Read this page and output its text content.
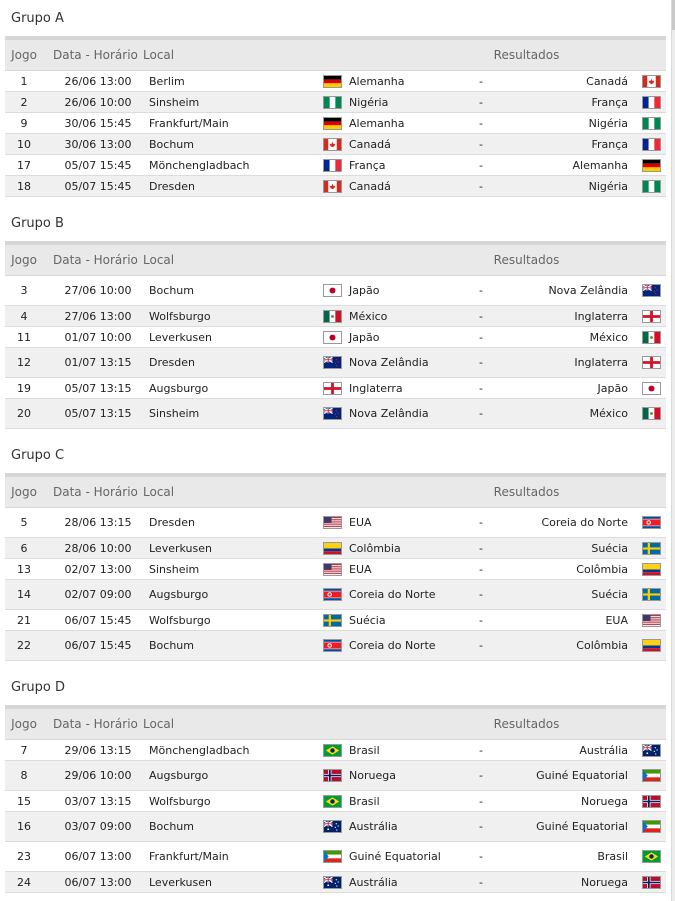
Grupo A
Jogo	Data - Horário Local	Resultados
1	26/06 13:00	Berlim	Alemanha	-	Canadá
2	26/06 10:00	Sinsheim	Nigéria	-	França
9	30/06 15:45	Frankfurt/Main	Alemanha	-	Nigéria
10	30/06 13:00	Bochum	Canadá	-	França
17	05/07 15:45	Mönchengladbach	França	-	Alemanha
18	05/07 15:45	Dresden	Canadá	-	Nigéria
Grupo B
Jogo	Data - Horário Local	Resultados
3	27/06 10:00	Bochum	Japão	-	Nova Zelândia
4	27/06 13:00	Wolfsburgo	México	-	Inglaterra
11	01/07 10:00	Leverkusen	Japão	-	México
12	01/07 13:15	Dresden	Nova Zelândia	-	Inglaterra
19	05/07 13:15	Augsburgo	Inglaterra	-	Japão
20	05/07 13:15	Sinsheim	Nova Zelândia	-	México
Grupo C
Jogo	Data - Horário Local	Resultados
5	28/06 13:15	Dresden	EUA	-	Coreia do Norte
6	28/06 10:00	Leverkusen	Colômbia	-	Suécia
13	02/07 13:00	Sinsheim	EUA	-	Colômbia
14	02/07 09:00	Augsburgo	Coreia do Norte	-	Suécia
21	06/07 15:45	Wolfsburgo	Suécia	-	EUA
22	06/07 15:45	Bochum	Coreia do Norte	-	Colômbia
Grupo D
Jogo	Data - Horário Local	Resultados
7	29/06 13:15	Mönchengladbach	Brasil	-	Austrália
8	29/06 10:00	Augsburgo	Noruega	-	Guiné Equatorial
15	03/07 13:15	Wolfsburgo	Brasil	-	Noruega
16	03/07 09:00	Bochum	Austrália	-	Guiné Equatorial
23	06/07 13:00	Frankfurt/Main	Guiné Equatorial	-	Brasil
24	06/07 13:00	Leverkusen	Austrália	-	Noruega
